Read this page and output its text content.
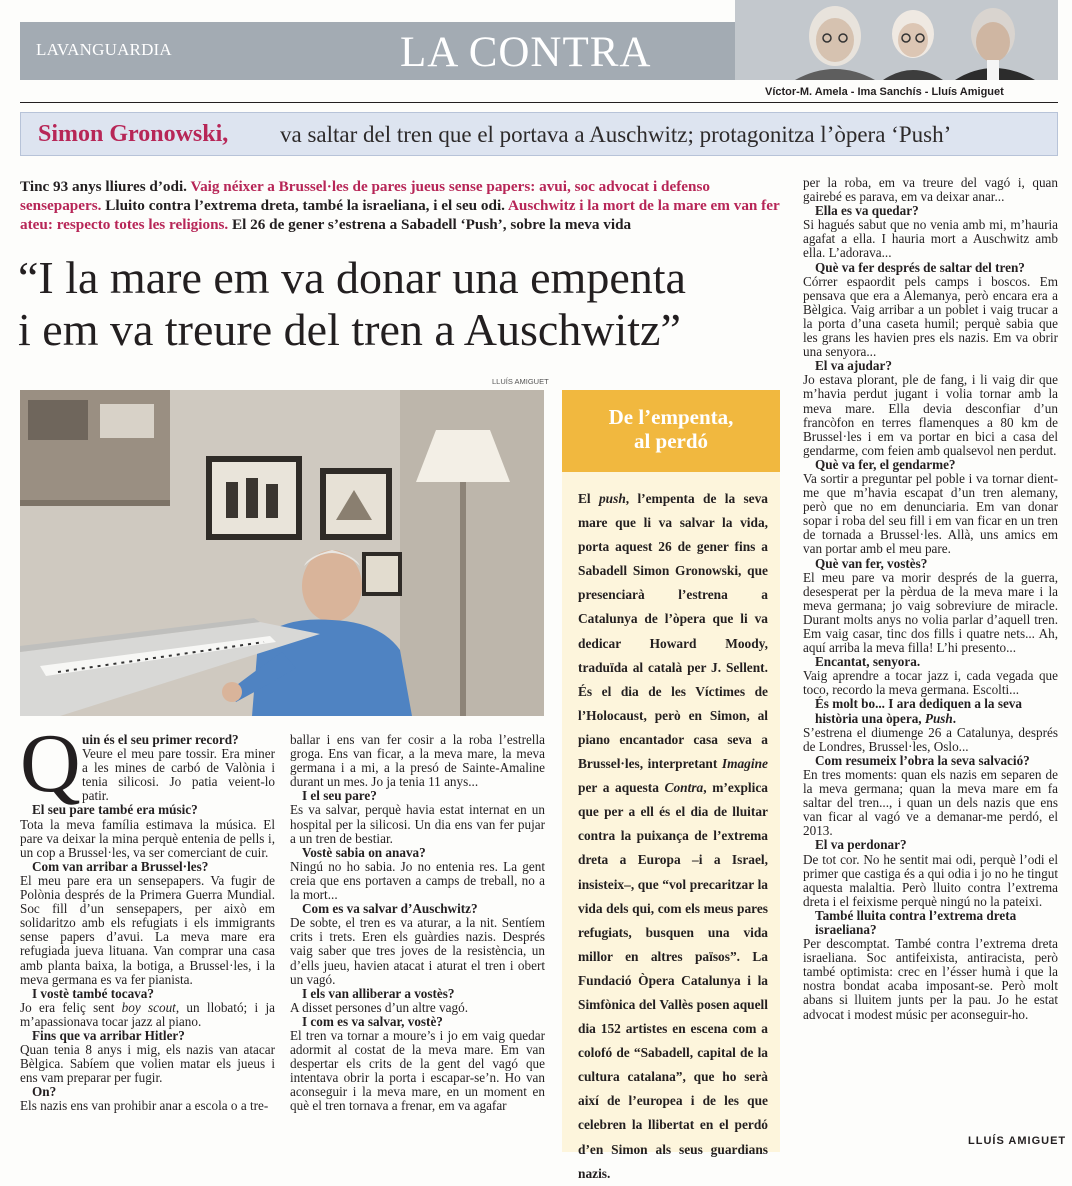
LAVANGUARDIA	LA CONTRA
Víctor-M. Amela - Ima Sanchís - Lluís Amiguet
Simon Gronowski, va saltar del tren que el portava a Auschwitz; protagonitza l’òpera ‘Push’
Tinc 93 anys lliures d’odi. Vaig néixer a Brussel·les de pares jueus sense papers: avui, soc advocat i defenso sensepapers. Lluito contra l’extrema dreta, també la israeliana, i el seu odi. Auschwitz i la mort de la mare em van fer ateu: respecto totes les religions. El 26 de gener s’estrena a Sabadell ‘Push’, sobre la meva vida
“I la mare em va donar una empenta
i em va treure del tren a Auschwitz”
LLUÍS AMIGUET
De l’empenta,
al perdó
El push, l’empenta de la seva mare que li va salvar la vida, porta aquest 26 de gener fins a Sabadell Simon Gronowski, que presenciarà l’estrena a Catalunya de l’òpera que li va dedicar Howard Moody, traduïda al català per J. Sellent. És el dia de les Víctimes de l’Holocaust, però en Simon, al piano encantador casa seva a Brussel·les, interpretant Imagine per a aquesta Contra, m’explica que per a ell és el dia de lluitar contra la puixança de l’extrema dreta a Europa –i a Israel, insisteix–, que “vol precaritzar la vida dels qui, com els meus pares refugiats, busquen una vida millor en altres països”. La Fundació Òpera Catalunya i la Simfònica del Vallès posen aquell dia 152 artistes en escena com a colofó de “Sabadell, capital de la cultura catalana”, que ho serà així de l’europea i de les que celebren la llibertat en el perdó d’en Simon als seus guardians nazis.
Q uin és el seu primer record?

Veure el meu pare tossir. Era miner a les mines de carbó de Valònia i tenia silicosi. Jo patia veient-lo patir.

El seu pare també era músic?

Tota la meva família estimava la música. El pare va deixar la mina perquè entenia de pells i, un cop a Brussel·les, va ser comerciant de cuir.

Com van arribar a Brussel·les?

El meu pare era un sensepapers. Va fugir de Polònia després de la Primera Guerra Mundial. Soc fill d’un sensepapers, per això em solidaritzo amb els refugiats i els immigrants sense papers d’avui. La meva mare era refugiada jueva lituana. Van comprar una casa amb planta baixa, la botiga, a Brussel·les, i la meva germana es va fer pianista.

I vostè també tocava?

Jo era feliç sent boy scout, un llobató; i ja m’apassionava tocar jazz al piano.

Fins que va arribar Hitler?

Quan tenia 8 anys i mig, els nazis van atacar Bèlgica. Sabíem que volien matar els jueus i ens vam preparar per fugir.

On?

Els nazis ens van prohibir anar a escola o a tre-

ballar i ens van fer cosir a la roba l’estrella groga. Ens van ficar, a la meva mare, la meva germana i a mi, a la presó de Sainte-Amaline durant un mes. Jo ja tenia 11 anys...

I el seu pare?

Es va salvar, perquè havia estat internat en un hospital per la silicosi. Un dia ens van fer pujar a un tren de bestiar.

Vostè sabia on anava?

Ningú no ho sabia. Jo no entenia res. La gent creia que ens portaven a camps de treball, no a la mort...

Com es va salvar d’Auschwitz?

De sobte, el tren es va aturar, a la nit. Sentíem crits i trets. Eren els guàrdies nazis. Després vaig saber que tres joves de la resistència, un d’ells jueu, havien atacat i aturat el tren i obert un vagó.

I els van alliberar a vostès?

A disset persones d’un altre vagó.

I com es va salvar, vostè?

El tren va tornar a moure’s i jo em vaig quedar adormit al costat de la meva mare. Em van despertar els crits de la gent del vagó que intentava obrir la porta i escapar-se’n. Ho van aconseguir i la meva mare, en un moment en què el tren tornava a frenar, em va agafar

per la roba, em va treure del vagó i, quan gairebé es parava, em va deixar anar...

Ella es va quedar?

Si hagués sabut que no venia amb mi, m’hauria agafat a ella. I hauria mort a Auschwitz amb ella. L’adorava...

Què va fer després de saltar del tren?

Córrer espaordit pels camps i boscos. Em pensava que era a Alemanya, però encara era a Bèlgica. Vaig arribar a un poblet i vaig trucar a la porta d’una caseta humil; perquè sabia que les grans les havien pres els nazis. Em va obrir una senyora...

El va ajudar?

Jo estava plorant, ple de fang, i li vaig dir que m’havia perdut jugant i volia tornar amb la meva mare. Ella devia desconfiar d’un francòfon en terres flamenques a 80 km de Brussel·les i em va portar en bici a casa del gendarme, com feien amb qualsevol nen perdut.

Què va fer, el gendarme?

Va sortir a preguntar pel poble i va tornar dient-me que m’havia escapat d’un tren alemany, però que no em denunciaria. Em van donar sopar i roba del seu fill i em van ficar en un tren de tornada a Brussel·les. Allà, uns amics em van portar amb el meu pare.

Què van fer, vostès?

El meu pare va morir després de la guerra, desesperat per la pèrdua de la meva mare i la meva germana; jo vaig sobreviure de miracle. Durant molts anys no volia parlar d’aquell tren. Em vaig casar, tinc dos fills i quatre nets... Ah, aquí arriba la meva filla! L’hi presento...

Encantat, senyora.

Vaig aprendre a tocar jazz i, cada vegada que toco, recordo la meva germana. Escolti...

És molt bo... I ara dediquen a la seva història una òpera, Push.

S’estrena el diumenge 26 a Catalunya, després de Londres, Brussel·les, Oslo...

Com resumeix l’obra la seva salvació?

En tres moments: quan els nazis em separen de la meva germana; quan la meva mare em fa saltar del tren..., i quan un dels nazis que ens van ficar al vagó ve a demanar-me perdó, el 2013.

El va perdonar?

De tot cor. No he sentit mai odi, perquè l’odi el primer que castiga és a qui odia i jo no he tingut aquesta malaltia. Però lluito contra l’extrema dreta i el feixisme perquè ningú no la pateixi.

També lluita contra l’extrema dreta israeliana?

Per descomptat. També contra l’extrema dreta israeliana. Soc antifeixista, antiracista, però també optimista: crec en l’ésser humà i que la nostra bondat acaba imposant-se. Però molt abans si lluitem junts per la pau. Jo he estat advocat i modest músic per aconseguir-ho.

LLUÍS AMIGUET
